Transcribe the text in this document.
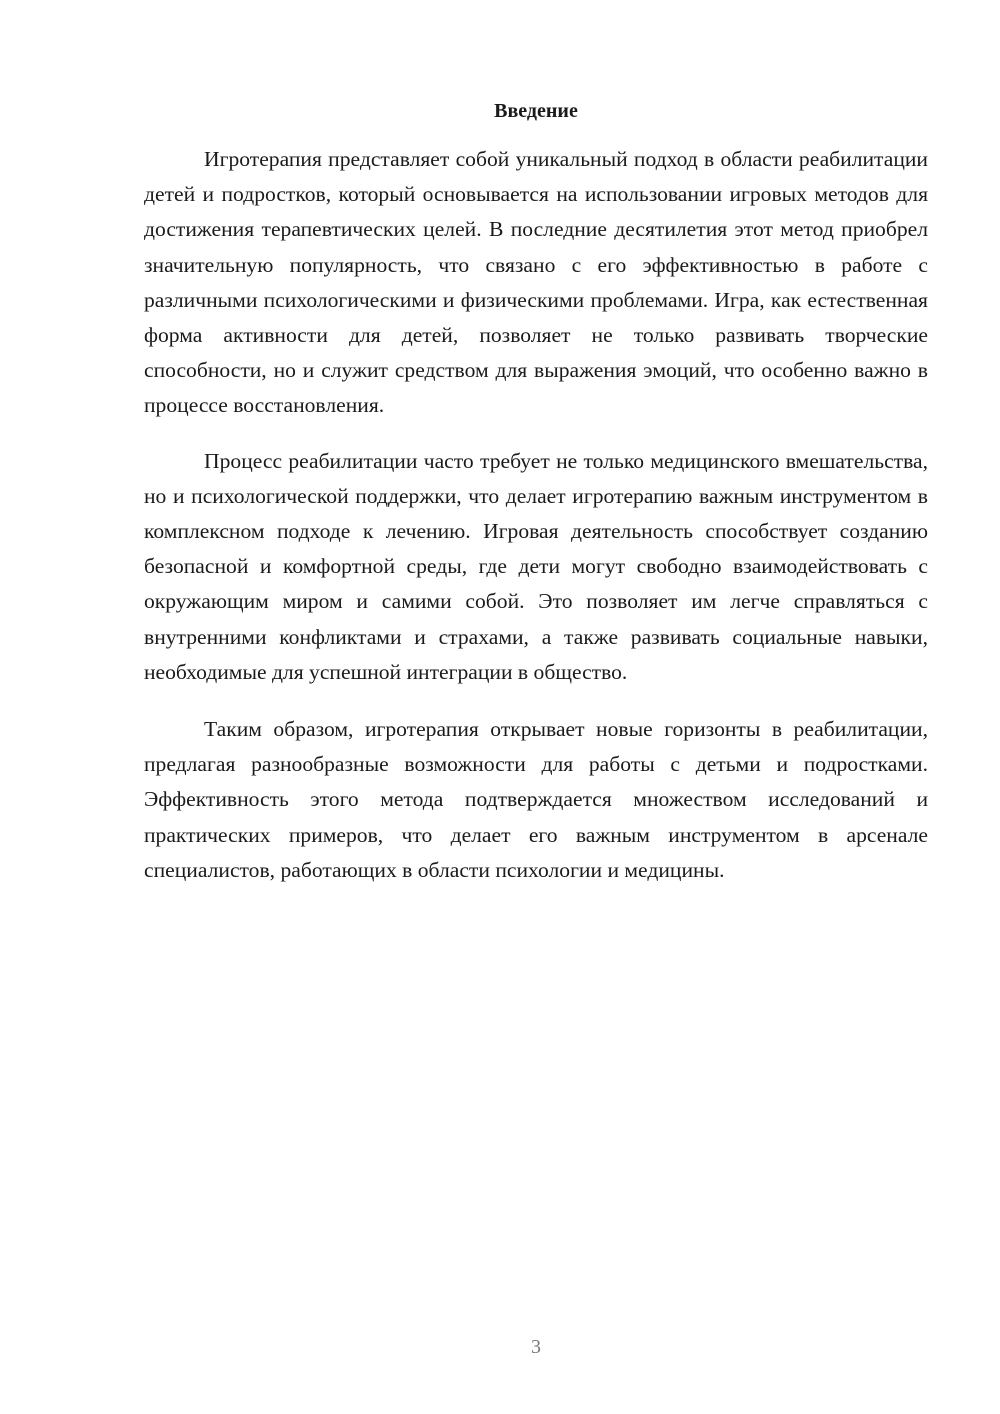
Введение

Игротерапия представляет собой уникальный подход в области реабилитации детей и подростков, который основывается на использовании игровых методов для достижения терапевтических целей. В последние десятилетия этот метод приобрел значительную популярность, что связано с его эффективностью в работе с различными психологическими и физическими проблемами. Игра, как естественная форма активности для детей, позволяет не только развивать творческие способности, но и служит средством для выражения эмоций, что особенно важно в процессе восстановления.

Процесс реабилитации часто требует не только медицинского вмешательства, но и психологической поддержки, что делает игротерапию важным инструментом в комплексном подходе к лечению. Игровая деятельность способствует созданию безопасной и комфортной среды, где дети могут свободно взаимодействовать с окружающим миром и самими собой. Это позволяет им легче справляться с внутренними конфликтами и страхами, а также развивать социальные навыки, необходимые для успешной интеграции в общество.

Таким образом, игротерапия открывает новые горизонты в реабилитации, предлагая разнообразные возможности для работы с детьми и подростками. Эффективность этого метода подтверждается множеством исследований и практических примеров, что делает его важным инструментом в арсенале специалистов, работающих в области психологии и медицины.

3
